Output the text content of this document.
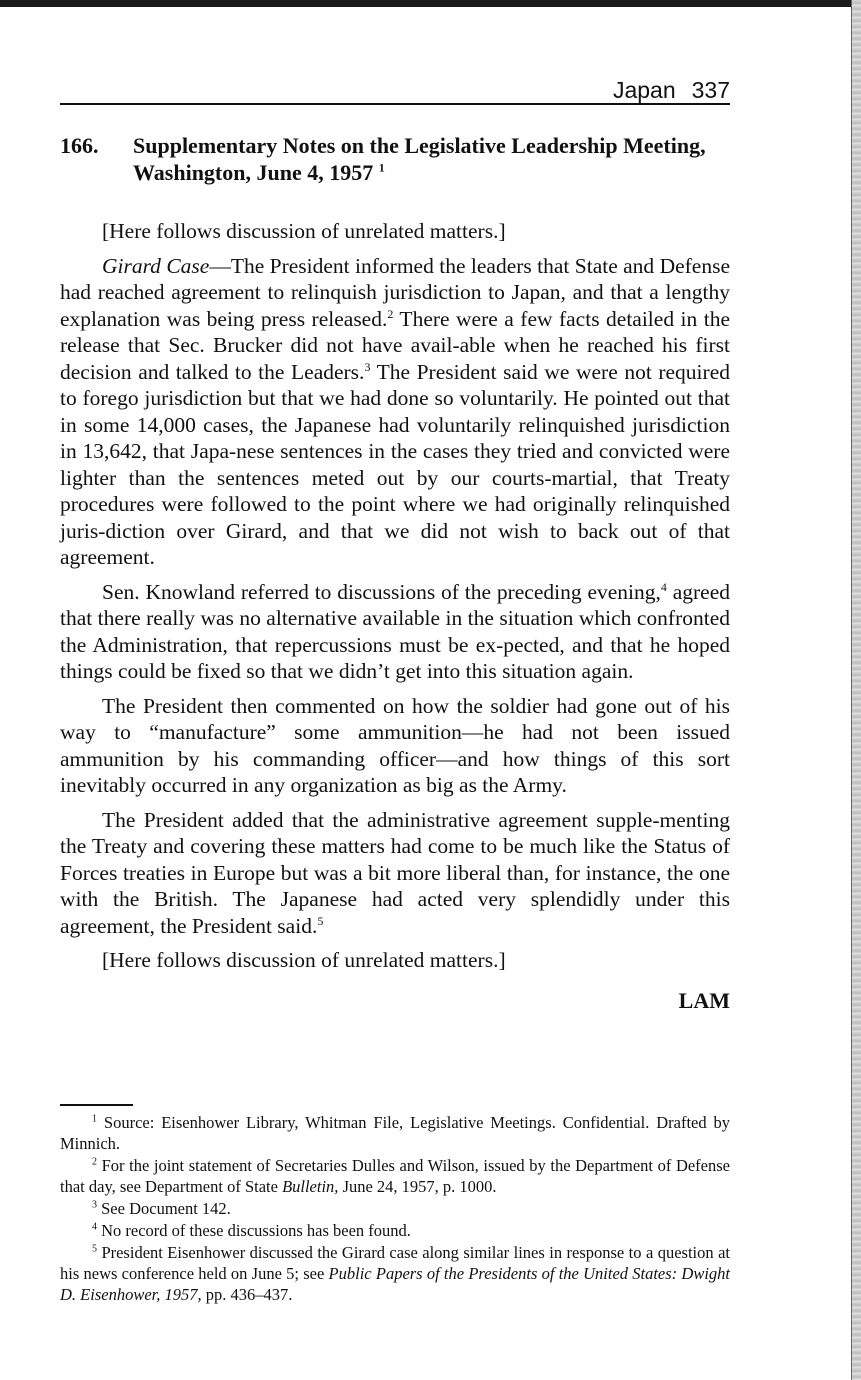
Japan 337
166. Supplementary Notes on the Legislative Leadership Meeting, Washington, June 4, 1957 $^1$

[Here follows discussion of unrelated matters.]

Girard Case—The President informed the leaders that State and Defense had reached agreement to relinquish jurisdiction to Japan, and that a lengthy explanation was being press released.$^2$ There were a few facts detailed in the release that Sec. Brucker did not have avail-able when he reached his first decision and talked to the Leaders.$^3$ The President said we were not required to forego jurisdiction but that we had done so voluntarily. He pointed out that in some 14,000 cases, the Japanese had voluntarily relinquished jurisdiction in 13,642, that Japa-nese sentences in the cases they tried and convicted were lighter than the sentences meted out by our courts-martial, that Treaty procedures were followed to the point where we had originally relinquished juris-diction over Girard, and that we did not wish to back out of that agreement.

Sen. Knowland referred to discussions of the preceding evening,$^4$ agreed that there really was no alternative available in the situation which confronted the Administration, that repercussions must be ex-pected, and that he hoped things could be fixed so that we didn’t get into this situation again.

The President then commented on how the soldier had gone out of his way to “manufacture” some ammunition—he had not been issued ammunition by his commanding officer—and how things of this sort inevitably occurred in any organization as big as the Army.

The President added that the administrative agreement supple-menting the Treaty and covering these matters had come to be much like the Status of Forces treaties in Europe but was a bit more liberal than, for instance, the one with the British. The Japanese had acted very splendidly under this agreement, the President said.$^5$

[Here follows discussion of unrelated matters.]

LAM

$^1$ Source: Eisenhower Library, Whitman File, Legislative Meetings. Confidential. Drafted by Minnich.

$^2$ For the joint statement of Secretaries Dulles and Wilson, issued by the Department of Defense that day, see Department of State Bulletin, June 24, 1957, p. 1000.

$^3$ See Document 142.

$^4$ No record of these discussions has been found.

$^5$ President Eisenhower discussed the Girard case along similar lines in response to a question at his news conference held on June 5; see Public Papers of the Presidents of the United States: Dwight D. Eisenhower, 1957, pp. 436–437.
